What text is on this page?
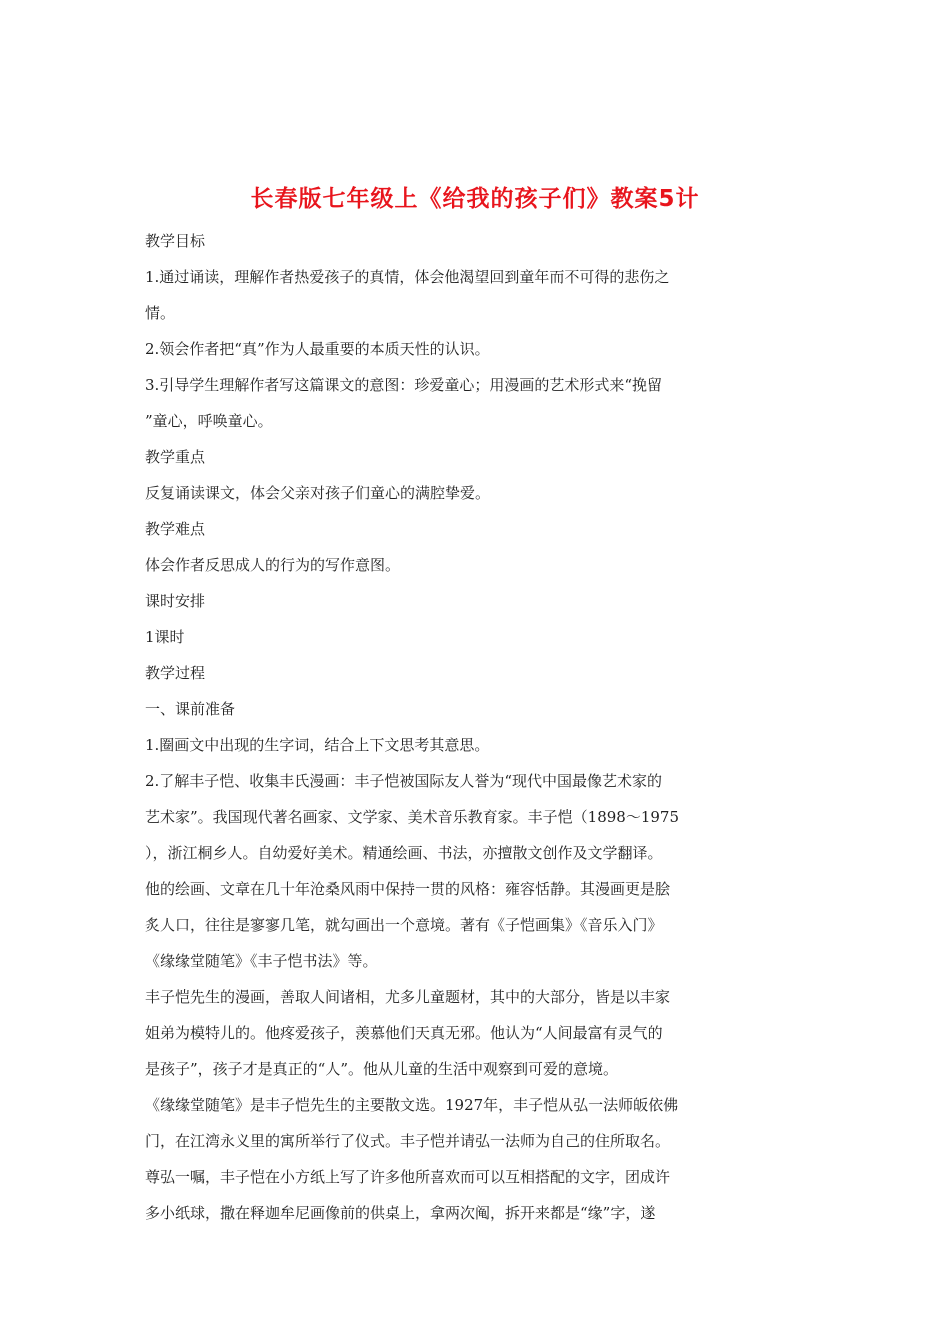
长春版七年级上《给我的孩子们》教案5计
教学目标
1.通过诵读，理解作者热爱孩子的真情，体会他渴望回到童年而不可得的悲伤之
情。
2.领会作者把“真”作为人最重要的本质天性的认识。
3.引导学生理解作者写这篇课文的意图：珍爱童心；用漫画的艺术形式来“挽留
”童心，呼唤童心。
教学重点
反复诵读课文，体会父亲对孩子们童心的满腔挚爱。
教学难点
体会作者反思成人的行为的写作意图。
课时安排
1课时
教学过程
一、课前准备
1.圈画文中出现的生字词，结合上下文思考其意思。
2.了解丰子恺、收集丰氏漫画：丰子恺被国际友人誉为“现代中国最像艺术家的
艺术家”。我国现代著名画家、文学家、美术音乐教育家。丰子恺（1898～1975
），浙江桐乡人。自幼爱好美术。精通绘画、书法，亦擅散文创作及文学翻译。
他的绘画、文章在几十年沧桑风雨中保持一贯的风格：雍容恬静。其漫画更是脍
炙人口，往往是寥寥几笔，就勾画出一个意境。著有《子恺画集》《音乐入门》
《缘缘堂随笔》《丰子恺书法》等。
丰子恺先生的漫画，善取人间诸相，尤多儿童题材，其中的大部分，皆是以丰家
姐弟为模特儿的。他疼爱孩子，羡慕他们天真无邪。他认为“人间最富有灵气的
是孩子”，孩子才是真正的“人”。他从儿童的生活中观察到可爱的意境。
《缘缘堂随笔》是丰子恺先生的主要散文选。1927年，丰子恺从弘一法师皈依佛
门，在江湾永义里的寓所举行了仪式。丰子恺并请弘一法师为自己的住所取名。
尊弘一嘱，丰子恺在小方纸上写了许多他所喜欢而可以互相搭配的文字，团成许
多小纸球，撒在释迦牟尼画像前的供桌上，拿两次阄，拆开来都是“缘”字，遂
